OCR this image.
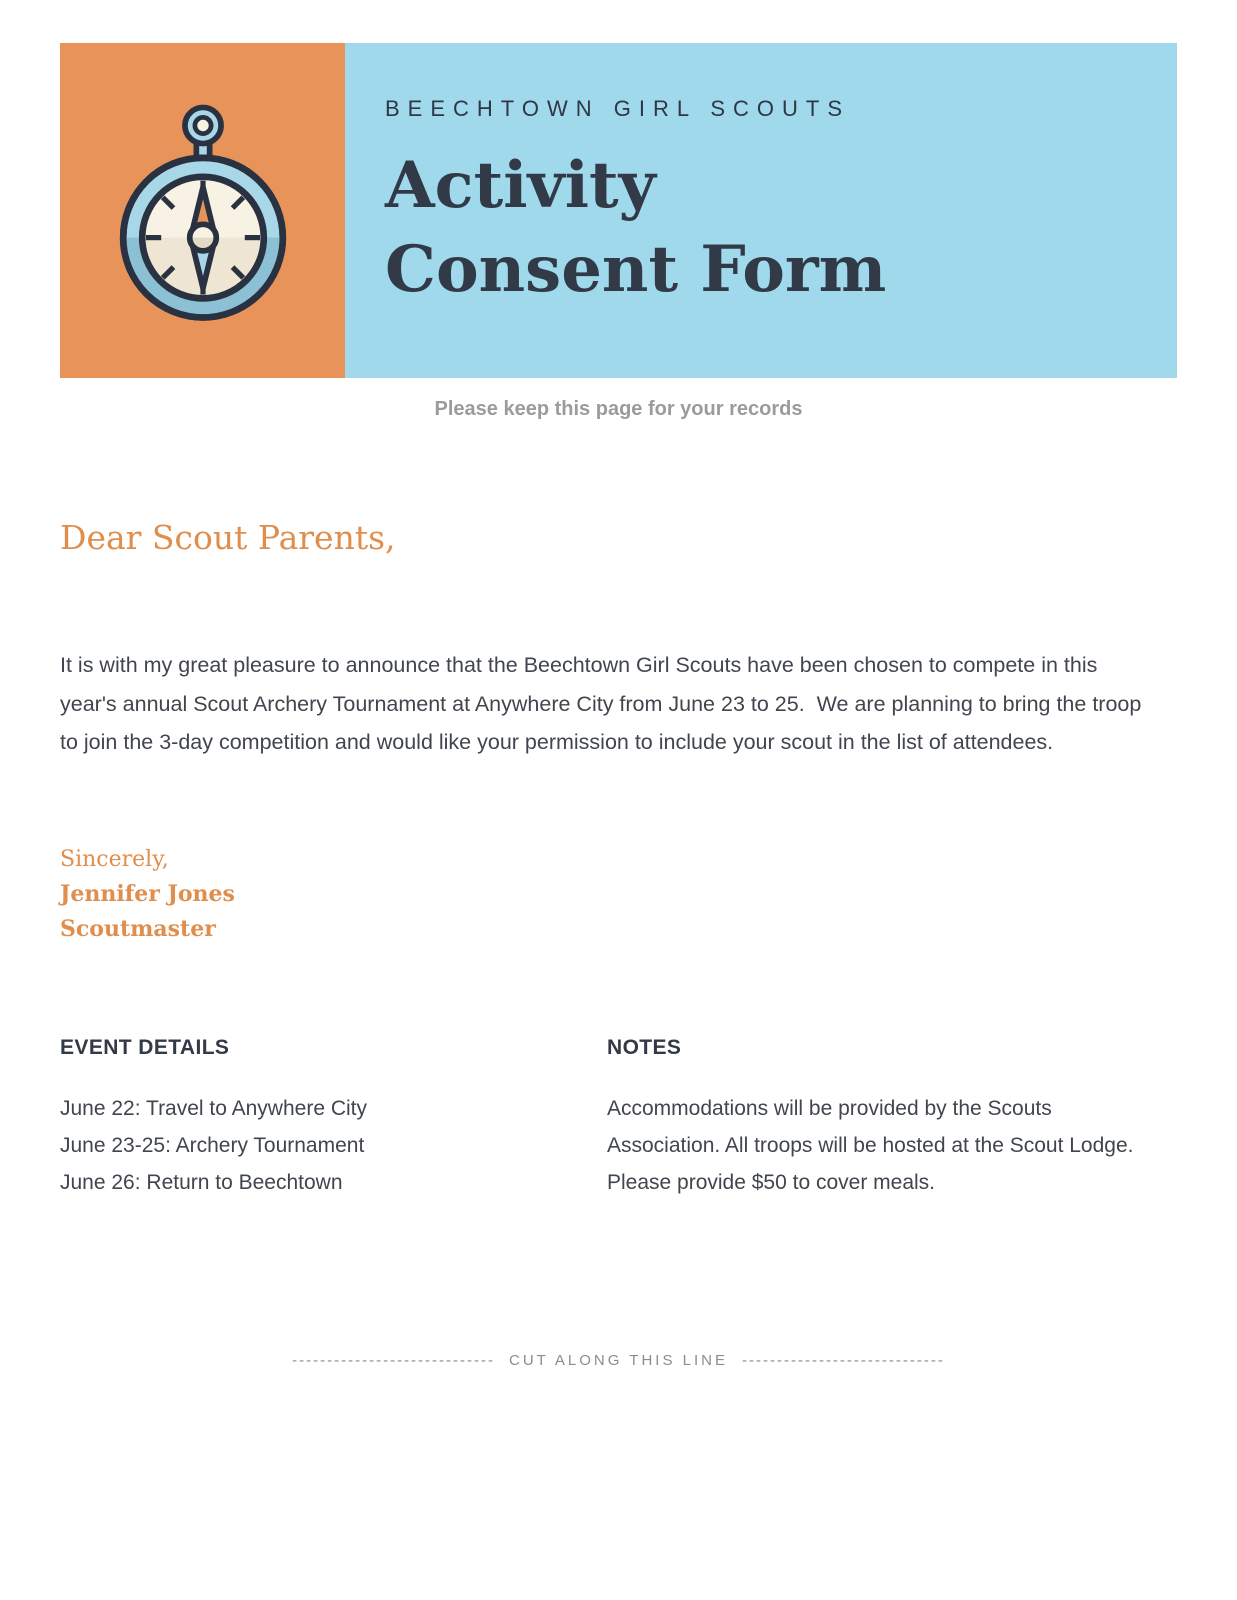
BEECHTOWN GIRL SCOUTS
Activity
Consent Form
Please keep this page for your records
Dear Scout Parents,
It is with my great pleasure to announce that the Beechtown Girl Scouts have been chosen to compete in this year's annual Scout Archery Tournament at Anywhere City from June 23 to 25.  We are planning to bring the troop to join the 3-day competition and would like your permission to include your scout in the list of attendees.
Sincerely,
Jennifer Jones
Scoutmaster
EVENT DETAILS
June 22: Travel to Anywhere City
June 23-25: Archery Tournament
June 26: Return to Beechtown
NOTES
Accommodations will be provided by the Scouts Association. All troops will be hosted at the Scout Lodge. Please provide $50 to cover meals.
----------------------------- CUT ALONG THIS LINE -----------------------------
